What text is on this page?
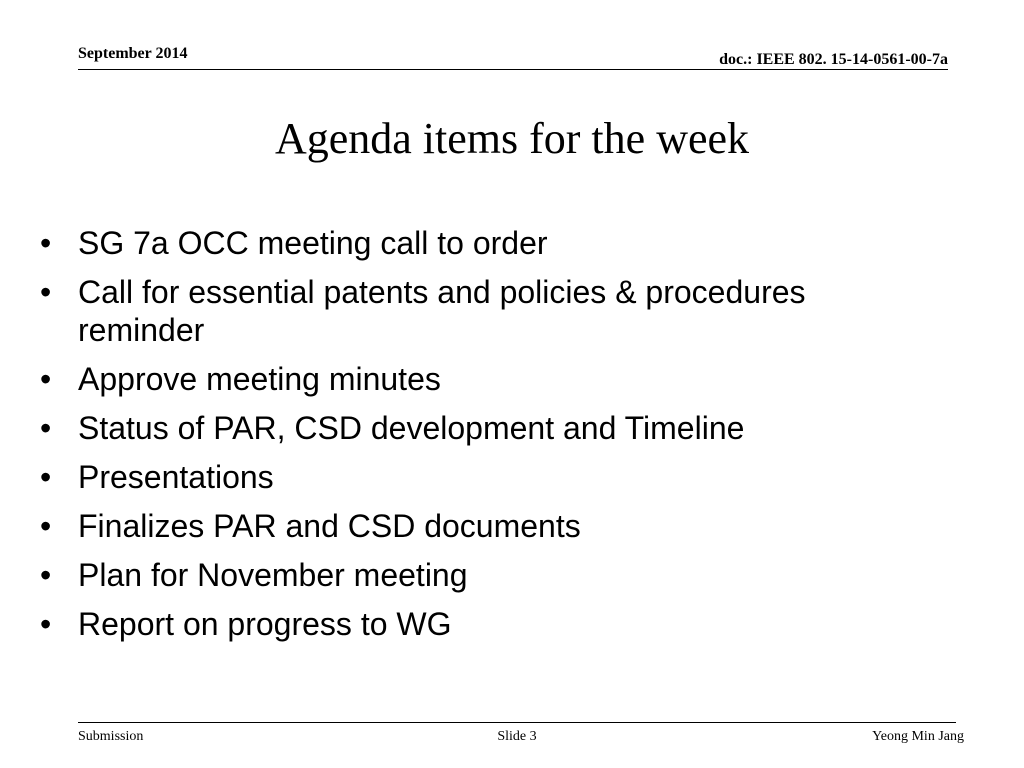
September 2014	doc.: IEEE 802. 15-14-0561-00-7a
Agenda items for the week
• SG 7a OCC meeting call to order
• Call for essential patents and policies & procedures reminder
• Approve meeting minutes
• Status of PAR, CSD development and Timeline
• Presentations
• Finalizes PAR and CSD documents
• Plan for November meeting
• Report on progress to WG
Submission	Slide 3	Yeong Min Jang
